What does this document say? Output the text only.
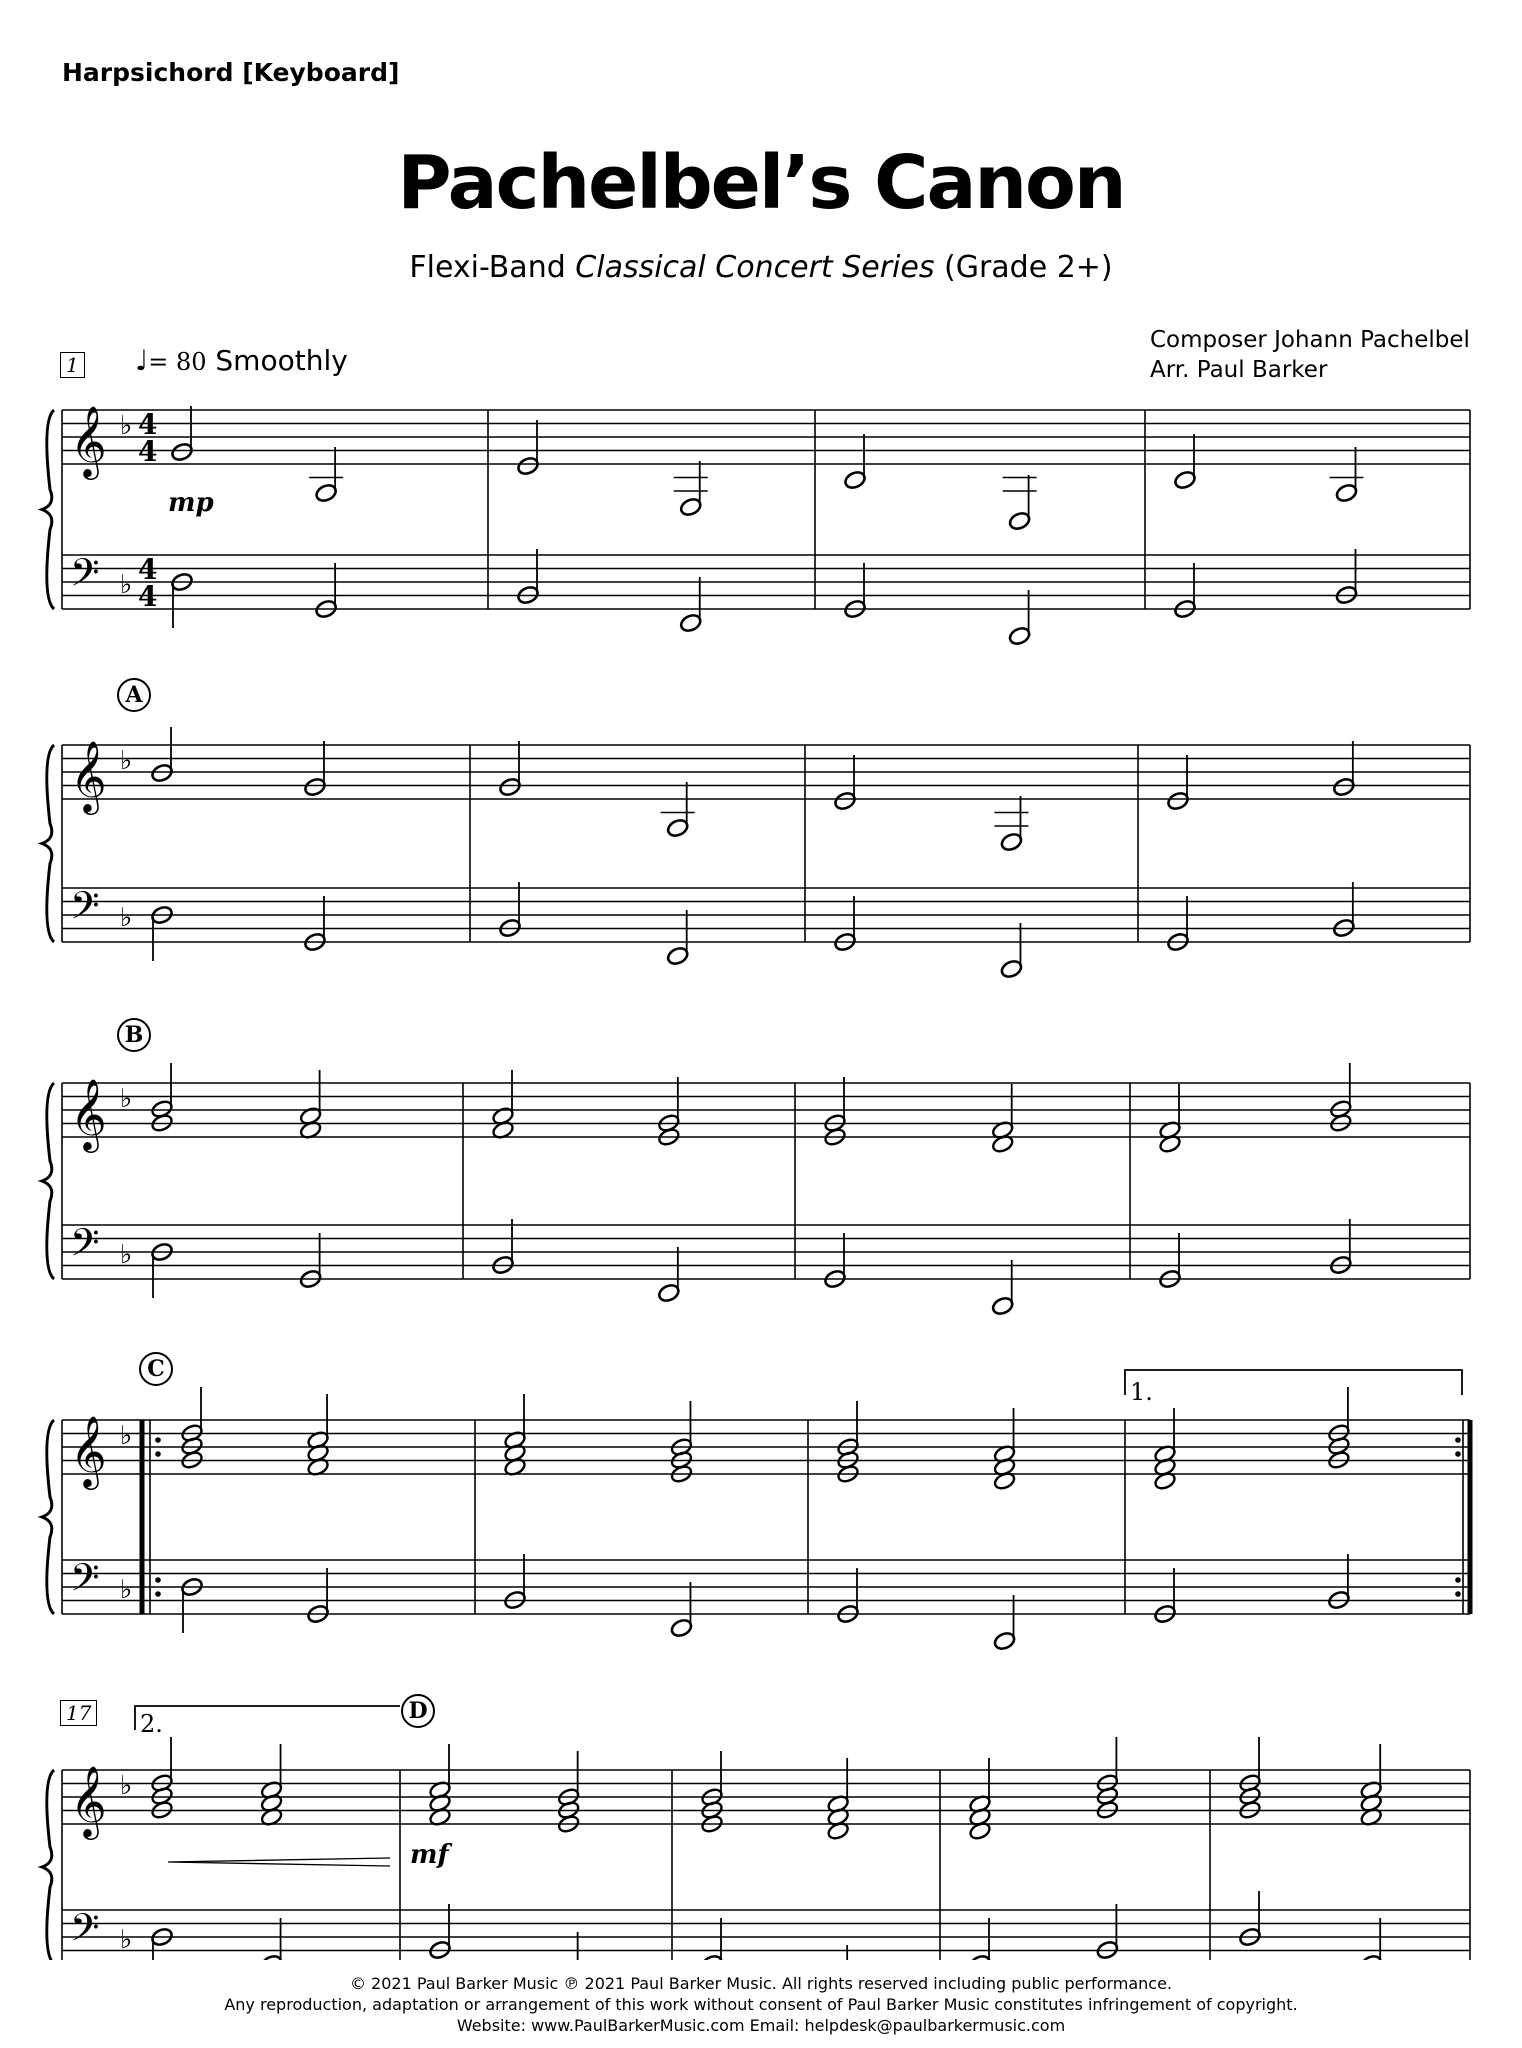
Harpsichord [Keyboard]
Pachelbel’s Canon
Flexi-Band Classical Concert Series (Grade 2+)
Composer Johann Pachelbel
Arr. Paul Barker
♩= 80 Smoothly
1
17
A
B
C
D
1.
2.
mp
mf
𝄞
𝄢
♭
♭
4
4
4
4
𝄞
𝄢
♭
♭
𝄞
𝄢
♭
♭
𝄞
𝄢
♭
♭
𝄞
𝄢
♭
♭
© 2021 Paul Barker Music ℗ 2021 Paul Barker Music. All rights reserved including public performance.
Any reproduction, adaptation or arrangement of this work without consent of Paul Barker Music constitutes infringement of copyright.
Website: www.PaulBarkerMusic.com Email: helpdesk@paulbarkermusic.com
